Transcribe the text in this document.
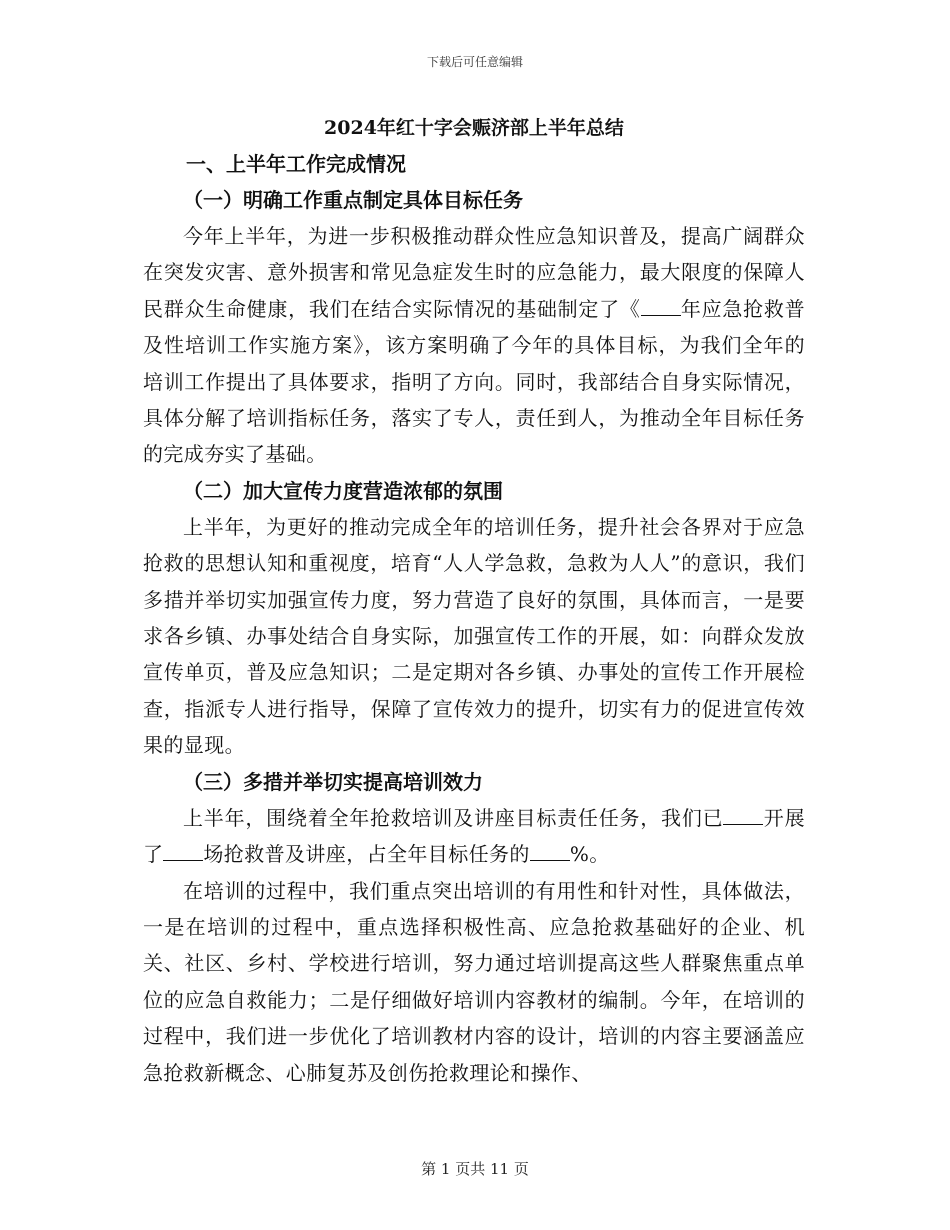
下载后可任意编辑

2024年红十字会赈济部上半年总结

一、上半年工作完成情况

（一）明确工作重点制定具体目标任务

今年上半年，为进一步积极推动群众性应急知识普及，提高广阔群众在突发灾害、意外损害和常见急症发生时的应急能力，最大限度的保障人民群众生命健康，我们在结合实际情况的基础制定了《 年应急抢救普及性培训工作实施方案》，该方案明确了今年的具体目标，为我们全年的培训工作提出了具体要求，指明了方向。同时，我部结合自身实际情况，具体分解了培训指标任务，落实了专人，责任到人，为推动全年目标任务的完成夯实了基础。

（二）加大宣传力度营造浓郁的氛围

上半年，为更好的推动完成全年的培训任务，提升社会各界对于应急抢救的思想认知和重视度，培育“人人学急救，急救为人人”的意识，我们多措并举切实加强宣传力度，努力营造了良好的氛围，具体而言，一是要求各乡镇、办事处结合自身实际，加强宣传工作的开展，如：向群众发放宣传单页，普及应急知识；二是定期对各乡镇、办事处的宣传工作开展检查，指派专人进行指导，保障了宣传效力的提升，切实有力的促进宣传效果的显现。

（三）多措并举切实提高培训效力

上半年，围绕着全年抢救培训及讲座目标责任任务，我们已 开展了 场抢救普及讲座，占全年目标任务的 %。

在培训的过程中，我们重点突出培训的有用性和针对性，具体做法，一是在培训的过程中，重点选择积极性高、应急抢救基础好的企业、机关、社区、乡村、学校进行培训，努力通过培训提高这些人群聚焦重点单位的应急自救能力；二是仔细做好培训内容教材的编制。今年，在培训的过程中，我们进一步优化了培训教材内容的设计，培训的内容主要涵盖应急抢救新概念、心肺复苏及创伤抢救理论和操作、

第 1 页共 11 页
